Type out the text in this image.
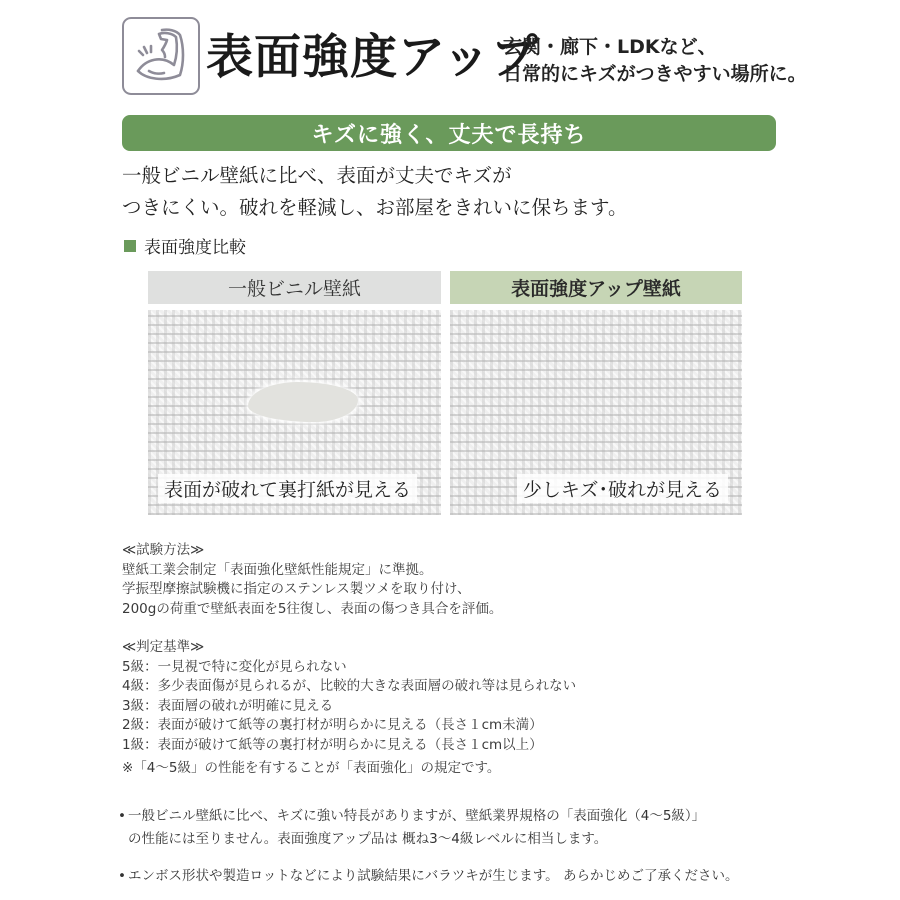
表面強度アップ
玄関・廊下・LDKなど、
日常的にキズがつきやすい場所に。
キズに強く、丈夫で長持ち
一般ビニル壁紙に比べ、表面が丈夫でキズが
つきにくい。破れを軽減し、お部屋をきれいに保ちます。
表面強度比較
一般ビニル壁紙	表面強度アップ壁紙
表面が破れて裏打紙が見える	少しキズ･破れが見える
≪試験方法≫
壁紙工業会制定「表面強化壁紙性能規定」に準拠。
学振型摩擦試験機に指定のステンレス製ツメを取り付け、
200gの荷重で壁紙表面を5往復し、表面の傷つき具合を評価。
≪判定基準≫
5級：一見視で特に変化が見られない
4級：多少表面傷が見られるが、比較的大きな表面層の破れ等は見られない
3級：表面層の破れが明確に見える
2級：表面が破けて紙等の裏打材が明らかに見える（長さ１cm未満）
1級：表面が破けて紙等の裏打材が明らかに見える（長さ１cm以上）
※「4～5級」の性能を有することが「表面強化」の規定です。
• 一般ビニル壁紙に比べ、キズに強い特長がありますが、壁紙業界規格の「表面強化（4～5級）」
の性能には至りません。表面強度アップ品は 概ね3～4級レベルに相当します。
• エンボス形状や製造ロットなどにより試験結果にバラツキが生じます。 あらかじめご了承ください。
